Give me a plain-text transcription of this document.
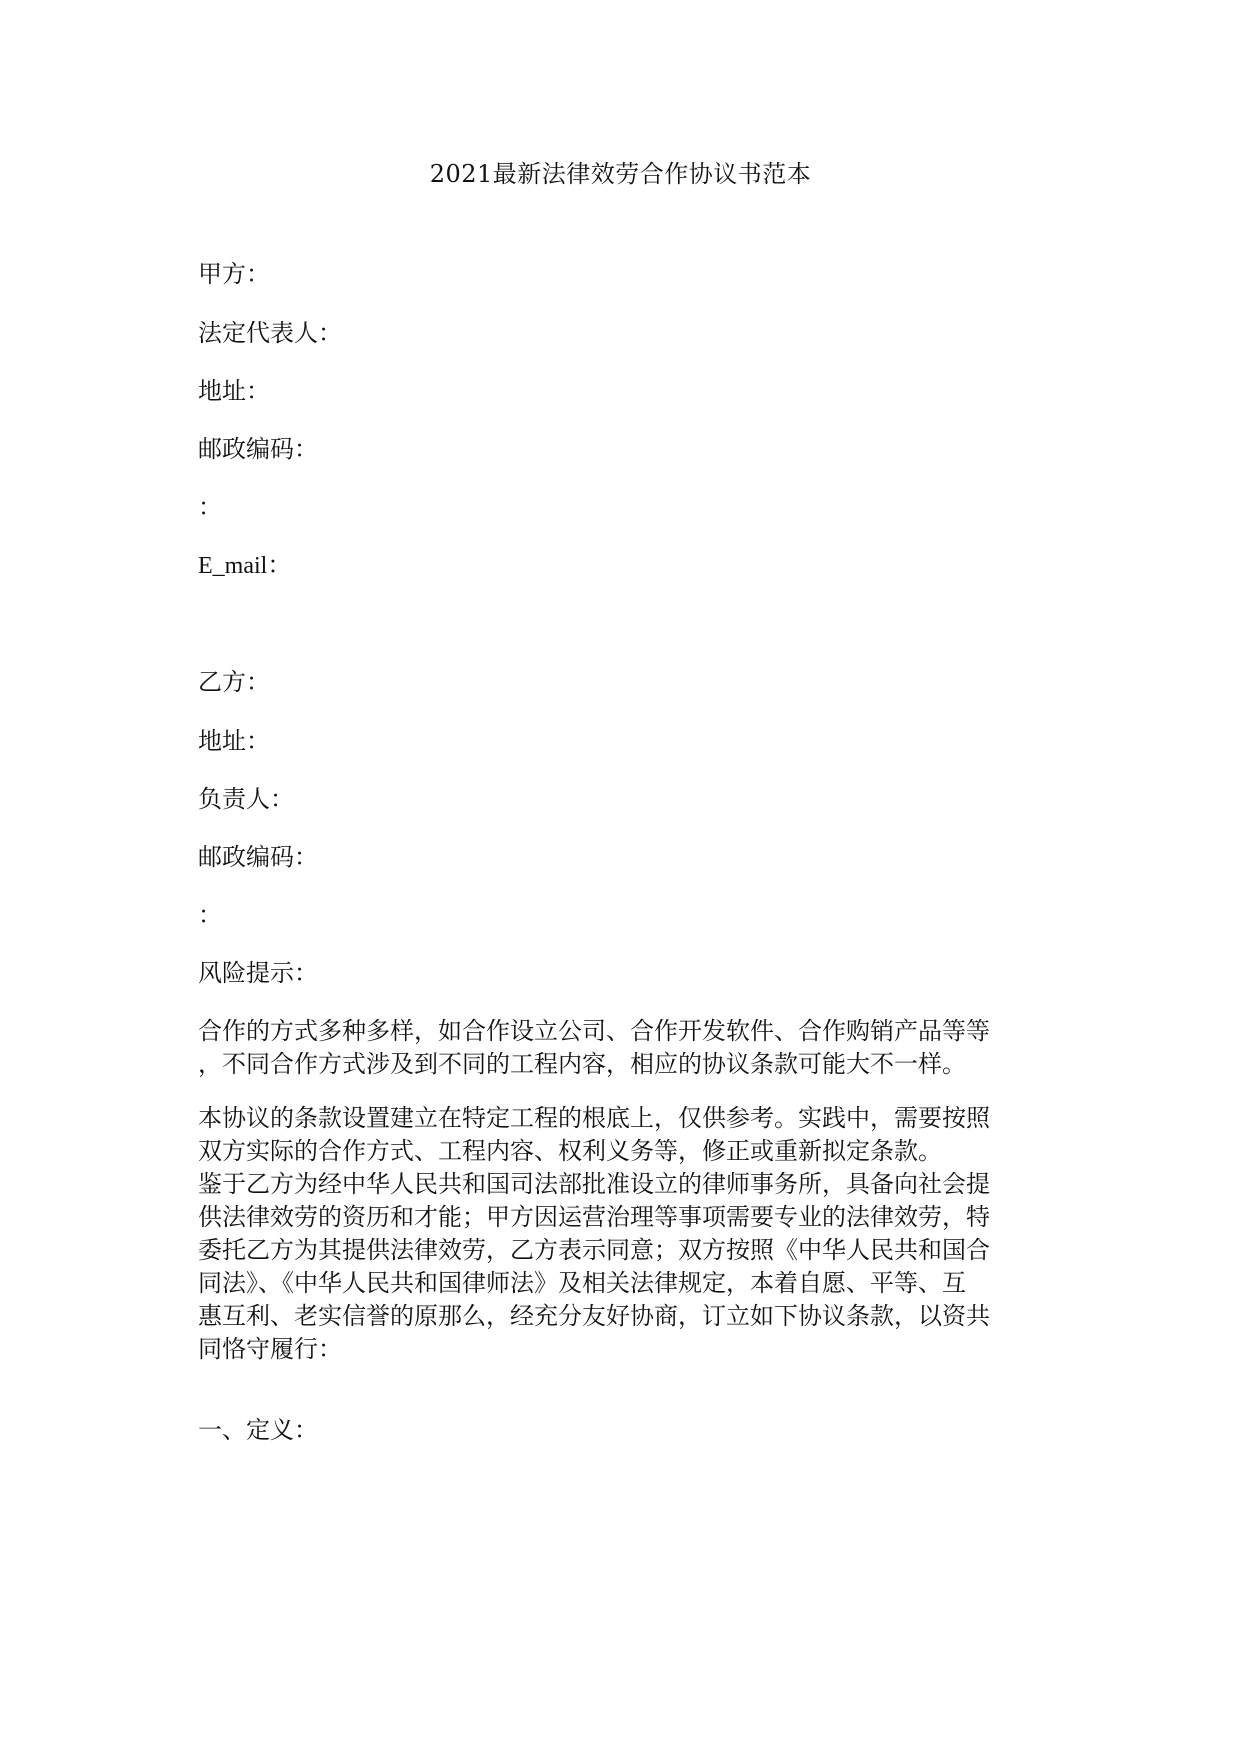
2021最新法律效劳合作协议书范本
甲方：
法定代表人：
地址：
邮政编码：
：
E_mail：
乙方：
地址：
负责人：
邮政编码：
：
风险提示：
合作的方式多种多样，如合作设立公司、合作开发软件、合作购销产品等等
，不同合作方式涉及到不同的工程内容，相应的协议条款可能大不一样。
本协议的条款设置建立在特定工程的根底上，仅供参考。实践中，需要按照
双方实际的合作方式、工程内容、权利义务等，修正或重新拟定条款。
鉴于乙方为经中华人民共和国司法部批准设立的律师事务所，具备向社会提
供法律效劳的资历和才能；甲方因运营治理等事项需要专业的法律效劳，特
委托乙方为其提供法律效劳，乙方表示同意；双方按照《中华人民共和国合
同法》、《中华人民共和国律师法》及相关法律规定，本着自愿、平等、互
惠互利、老实信誉的原那么，经充分友好协商，订立如下协议条款，以资共
同恪守履行：
一、定义：
